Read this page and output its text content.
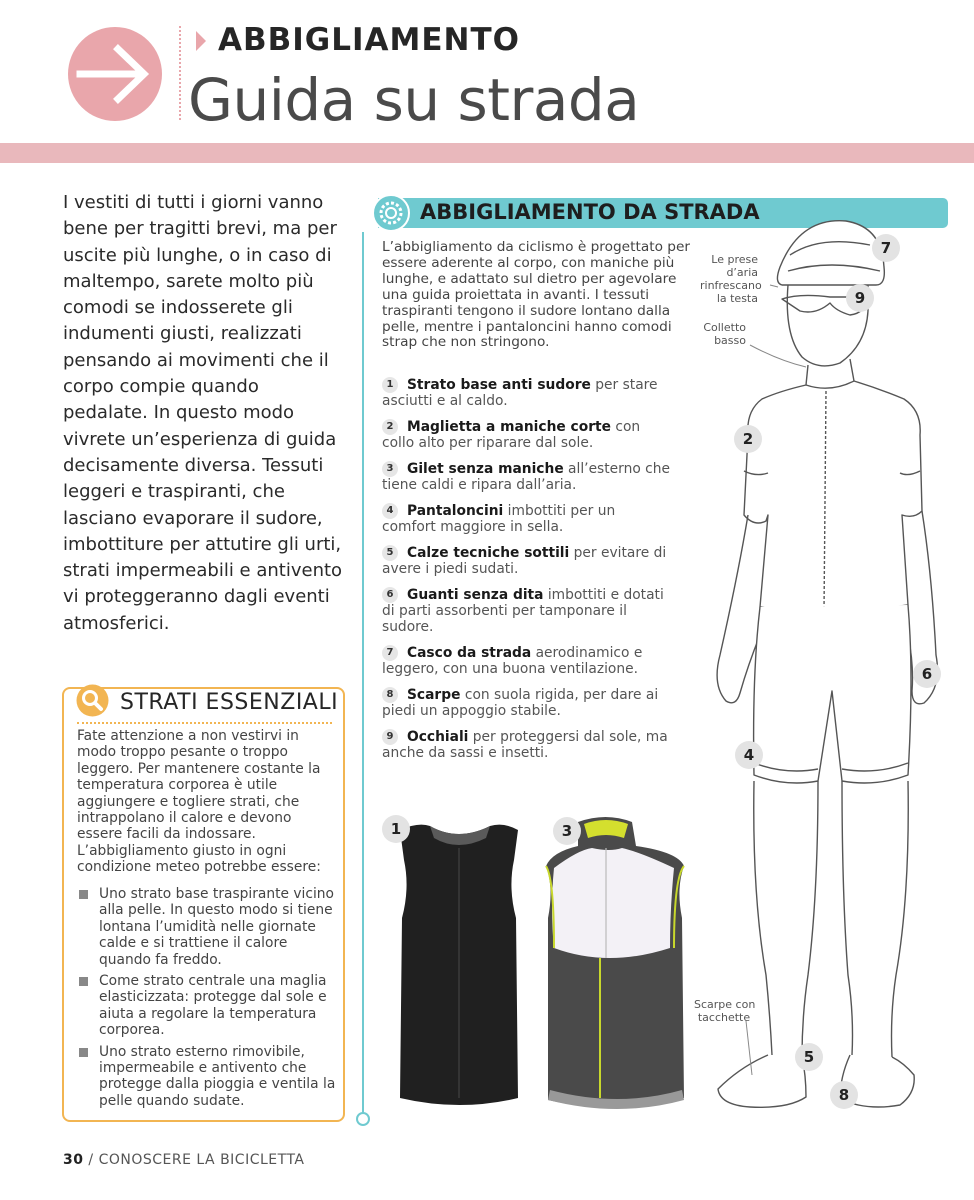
ABBIGLIAMENTO
Guida su strada
I vestiti di tutti i giorni vanno bene per tragitti brevi, ma per uscite più lunghe, o in caso di maltempo, sarete molto più comodi se indosserete gli indumenti giusti, realizzati pensando ai movimenti che il corpo compie quando pedalate. In questo modo vivrete un’esperienza di guida decisamente diversa. Tessuti leggeri e traspiranti, che lasciano evaporare il sudore, imbottiture per attutire gli urti, strati impermeabili e antivento vi proteggeranno dagli eventi atmosferici.
STRATI ESSENZIALI
Fate attenzione a non vestirvi in modo troppo pesante o troppo leggero. Per mantenere costante la temperatura corporea è utile aggiungere e togliere strati, che intrappolano il calore e devono essere facili da indossare. L’abbigliamento giusto in ogni condizione meteo potrebbe essere:
Uno strato base traspirante vicino alla pelle. In questo modo si tiene lontana l’umidità nelle giornate calde e si trattiene il calore quando fa freddo.
Come strato centrale una maglia elasticizzata: protegge dal sole e aiuta a regolare la temperatura corporea.
Uno strato esterno rimovibile, impermeabile e antivento che protegge dalla pioggia e ventila la pelle quando sudate.
ABBIGLIAMENTO DA STRADA
L’abbigliamento da ciclismo è progettato per essere aderente al corpo, con maniche più lunghe, e adattato sul dietro per agevolare una guida proiettata in avanti. I tessuti traspiranti tengono il sudore lontano dalla pelle, mentre i pantaloncini hanno comodi strap che non stringono.
1 Strato base anti sudore per stare asciutti e al caldo.
2 Maglietta a maniche corte con collo alto per riparare dal sole.
3 Gilet senza maniche all’esterno che tiene caldi e ripara dall’aria.
4 Pantaloncini imbottiti per un comfort maggiore in sella.
5 Calze tecniche sottili per evitare di avere i piedi sudati.
6 Guanti senza dita imbottiti e dotati di parti assorbenti per tamponare il sudore.
7 Casco da strada aerodinamico e leggero, con una buona ventilazione.
8 Scarpe con suola rigida, per dare ai piedi un appoggio stabile.
9 Occhiali per proteggersi dal sole, ma anche da sassi e insetti.
1	3
Le prese
d’aria
rinfrescano
la testa
Colletto
basso
Scarpe con
tacchette
7
9
2
6
4
5
8
30 / CONOSCERE LA BICICLETTA
